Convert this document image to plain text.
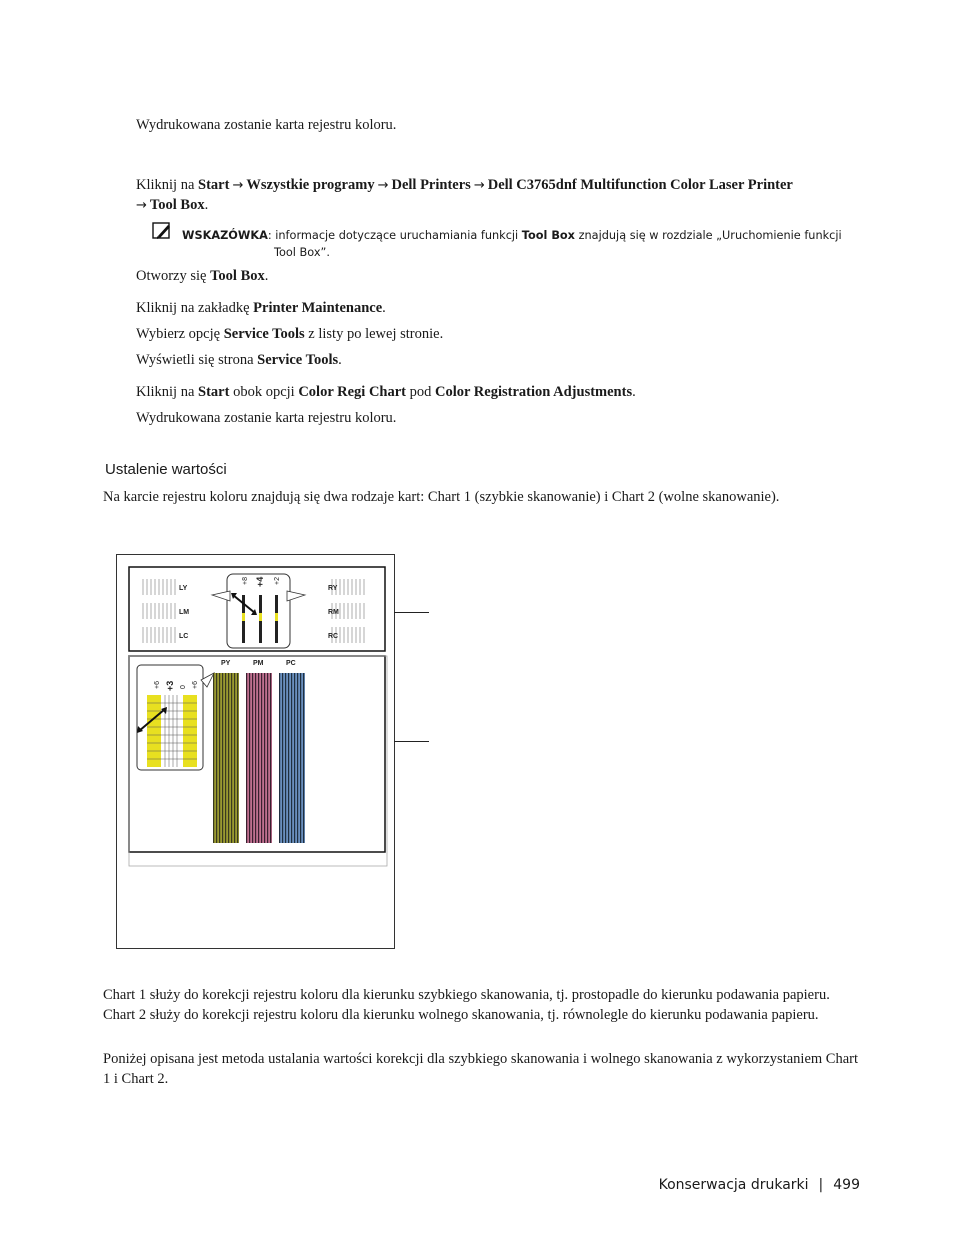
Wydrukowana zostanie karta rejestru koloru.
Kliknij na Start → Wszystkie programy → Dell Printers → Dell C3765dnf Multifunction Color Laser Printer
→ Tool Box.
WSKAZÓWKA: informacje dotyczące uruchamiania funkcji Tool Box znajdują się w rozdziale „Uruchomienie funkcji
Tool Box”.
Otworzy się Tool Box.
Kliknij na zakładkę Printer Maintenance.
Wybierz opcję Service Tools z listy po lewej stronie.
Wyświetli się strona Service Tools.
Kliknij na Start obok opcji Color Regi Chart pod Color Registration Adjustments.
Wydrukowana zostanie karta rejestru koloru.
Ustalenie wartości
Na karcie rejestru koloru znajdują się dwa rodzaje kart: Chart 1 (szybkie skanowanie) i Chart 2 (wolne skanowanie).
LY
LM
LC
RY
RM
RC
+8 +4 +2
+6 +3 0 +6
PY	PM	PC
Chart 1 służy do korekcji rejestru koloru dla kierunku szybkiego skanowania, tj. prostopadle do kierunku podawania papieru. Chart 2 służy do korekcji rejestru koloru dla kierunku wolnego skanowania, tj. równolegle do kierunku podawania papieru.
Poniżej opisana jest metoda ustalania wartości korekcji dla szybkiego skanowania i wolnego skanowania z wykorzystaniem Chart 1 i Chart 2.
Konserwacja drukarki | 499
